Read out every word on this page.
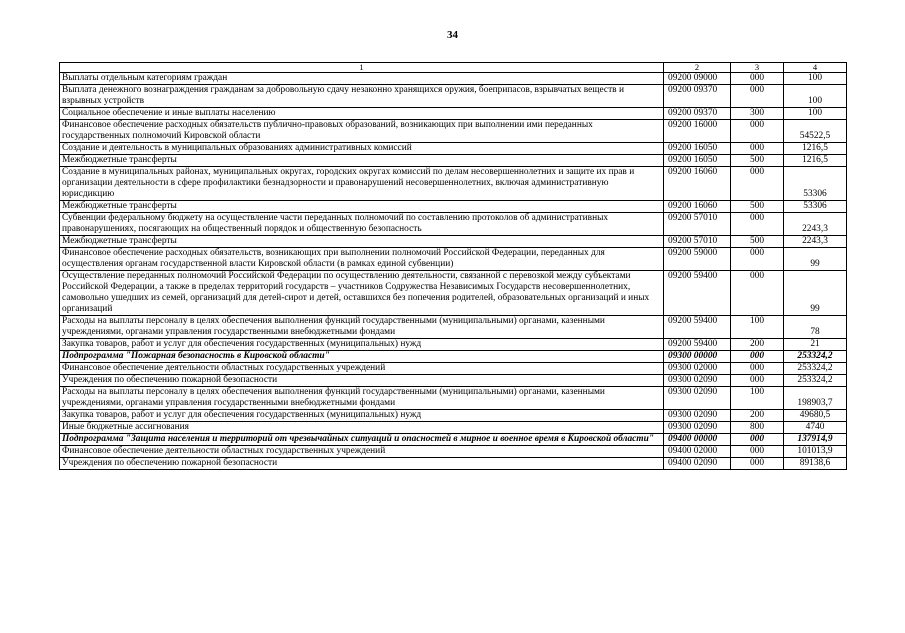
34
1	2	3	4
Выплаты отдельным категориям граждан	09200 09000	000	100
Выплата денежного вознаграждения гражданам за добровольную сдачу незаконно хранящихся оружия, боеприпасов, взрывчатых веществ и взрывных устройств	09200 09370	000	100
Социальное обеспечение и иные выплаты населению	09200 09370	300	100
Финансовое обеспечение расходных обязательств публично-правовых образований, возникающих при выполнении ими переданных государственных полномочий Кировской области	09200 16000	000	54522,5
Создание и деятельность в муниципальных образованиях административных комиссий	09200 16050	000	1216,5
Межбюджетные трансферты	09200 16050	500	1216,5
Создание в муниципальных районах, муниципальных округах, городских округах комиссий по делам несовершеннолетних и защите их прав и организации деятельности в сфере профилактики безнадзорности и правонарушений несовершеннолетних, включая административную юрисдикцию	09200 16060	000	53306
Межбюджетные трансферты	09200 16060	500	53306
Субвенции федеральному бюджету на осуществление части переданных полномочий по составлению протоколов об административных правонарушениях, посягающих на общественный порядок и общественную безопасность	09200 57010	000	2243,3
Межбюджетные трансферты	09200 57010	500	2243,3
Финансовое обеспечение расходных обязательств, возникающих при выполнении полномочий Российской Федерации, переданных для осуществления органам государственной власти Кировской области (в рамках единой субвенции)	09200 59000	000	99
Осуществление переданных полномочий Российской Федерации по осуществлению деятельности, связанной с перевозкой между субъектами Российской Федерации, а также в пределах территорий государств – участников Содружества Независимых Государств несовершеннолетних, самовольно ушедших из семей, организаций для детей-сирот и детей, оставшихся без попечения родителей, образовательных организаций и иных организаций	09200 59400	000	99
Расходы на выплаты персоналу в целях обеспечения выполнения функций государственными (муниципальными) органами, казенными учреждениями, органами управления государственными внебюджетными фондами	09200 59400	100	78
Закупка товаров, работ и услуг для обеспечения государственных (муниципальных) нужд	09200 59400	200	21
Подпрограмма "Пожарная безопасность в Кировской области"	09300 00000	000	253324,2
Финансовое обеспечение деятельности областных государственных учреждений	09300 02000	000	253324,2
Учреждения по обеспечению пожарной безопасности	09300 02090	000	253324,2
Расходы на выплаты персоналу в целях обеспечения выполнения функций государственными (муниципальными) органами, казенными учреждениями, органами управления государственными внебюджетными фондами	09300 02090	100	198903,7
Закупка товаров, работ и услуг для обеспечения государственных (муниципальных) нужд	09300 02090	200	49680,5
Иные бюджетные ассигнования	09300 02090	800	4740
Подпрограмма "Защита населения и территорий от чрезвычайных ситуаций и опасностей в мирное и военное время в Кировской области"	09400 00000	000	137914,9
Финансовое обеспечение деятельности областных государственных учреждений	09400 02000	000	101013,9
Учреждения по обеспечению пожарной безопасности	09400 02090	000	89138,6
